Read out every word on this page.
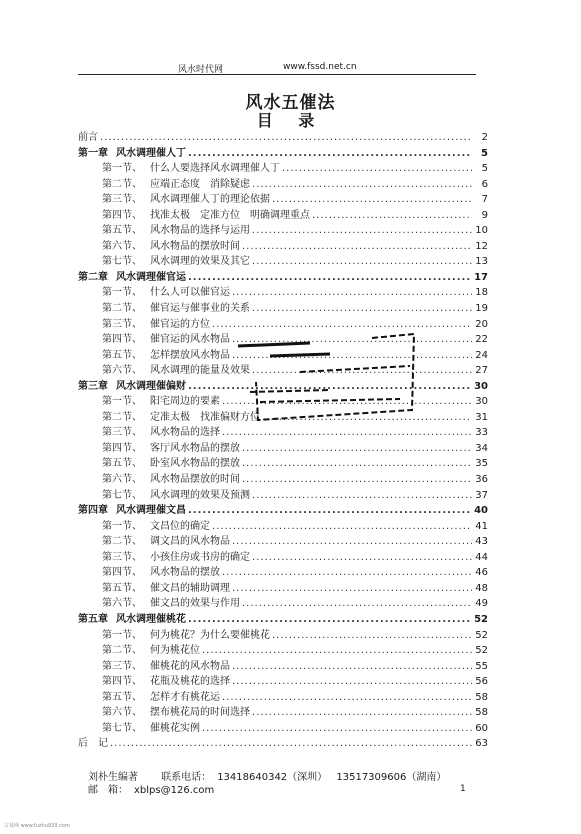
风水时代网	www.fssd.net.cn
风水五催法
目 录
前言 .....	2
第一章 风水调理催人丁 .....	5
第一节、 什么人要选择风水调理催人丁 .....	5
第二节、 应端正态度　消除疑虑 .....	6
第三节、 风水调理催人丁的理论依据 .....	7
第四节、 找准太极　定准方位　明确调理重点 .....	9
第五节、 风水物品的选择与运用 .....	10
第六节、 风水物品的摆放时间 .....	12
第七节、 风水调理的效果及其它 .....	13
第二章 风水调理催官运 .....	17
第一节、 什么人可以催官运 .....	18
第二节、 催官运与催事业的关系 .....	19
第三节、 催官运的方位 .....	20
第四节、 催官运的风水物品 .....	22
第五节、 怎样摆放风水物品 .....	24
第六节、 风水调理的能量及效果 .....	27
第三章 风水调理催偏财 .....	30
第一节、 阳宅周边的要素 .....	30
第二节、 定准太极　找准偏财方位 .....	31
第三节、 风水物品的选择 .....	33
第四节、 客厅风水物品的摆放 .....	34
第五节、 卧室风水物品的摆放 .....	35
第六节、 风水物品摆放的时间 .....	36
第七节、 风水调理的效果及预测 .....	37
第四章 风水调理催文昌 .....	40
第一节、 文昌位的确定 .....	41
第二节、 调文昌的风水物品 .....	43
第三节、 小孩住房或书房的确定 .....	44
第四节、 风水物品的摆放 .....	46
第五节、 催文昌的辅助调理 .....	48
第六节、 催文昌的效果与作用 .....	49
第五章 风水调理催桃花 .....	52
第一节、 何为桃花？为什么要催桃花 .....	52
第二节、 何为桃花位 .....	52
第三节、 催桃花的风水物品 .....	55
第四节、 花瓶及桃花的选择 .....	56
第五节、 怎样才有桃花运 .....	58
第六节、 摆布桃花局的时间选择 .....	58
第七节、 催桃花实例 .....	60
后　记 .....	63
刘朴生编著 联系电话： 13418640342（深圳） 13517309606（湖南）
邮　箱： xblps@126.com	1
古易网 www.fuzhu933.com
